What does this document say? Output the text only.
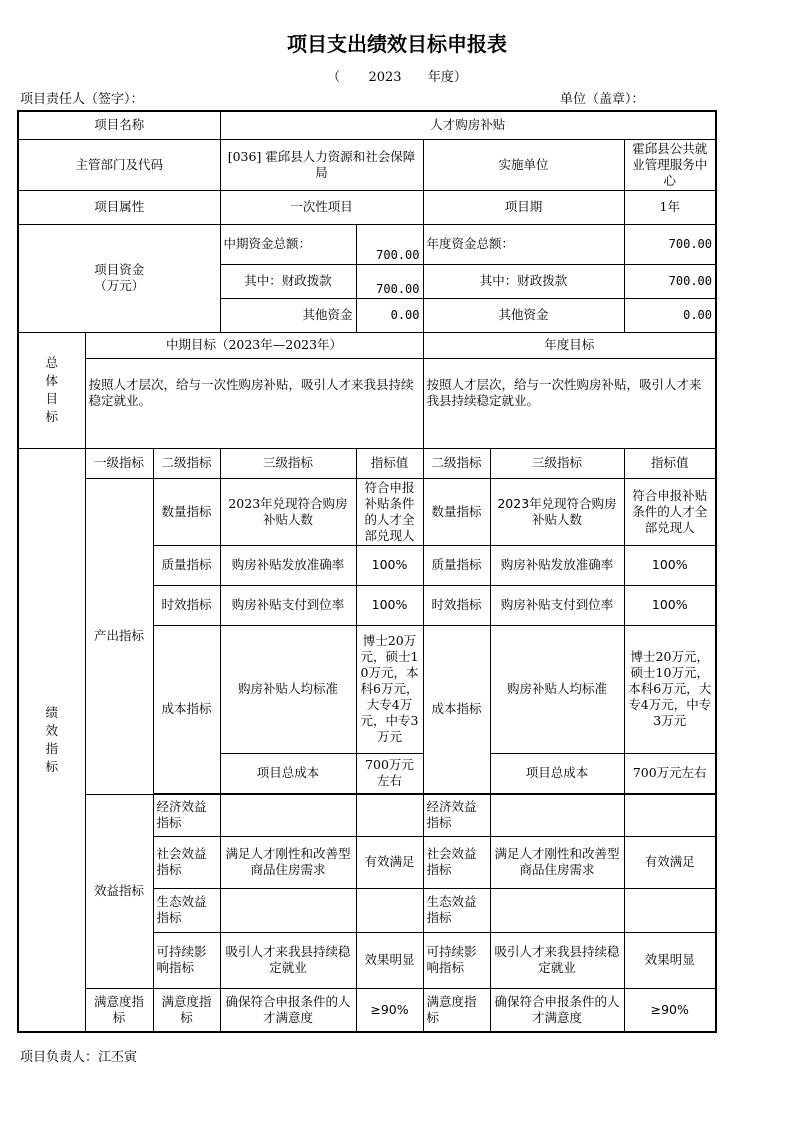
项目支出绩效目标申报表
（ 2023 年度）
项目责任人（签字）：	单位（盖章）：
项目名称			人才购房补贴				
主管部门及代码			[036] 霍邱县人力资源和社会保障局		实施单位		霍邱县公共就业管理服务中心
项目属性			一次性项目		项目期		1年
项目资金
（万元）			中期资金总额：	700.00	年度资金总额：		700.00
			其中：财政拨款	700.00	其中：财政拨款		700.00
			其他资金	0.00	其他资金		0.00
总体目标	中期目标（2023年—2023年）				年度目标		
	按照人才层次，给与一次性购房补贴，吸引人才来我县持续稳定就业。				按照人才层次，给与一次性购房补贴，吸引人才来我县持续稳定就业。		
绩效指标	一级指标	二级指标	三级指标	指标值	二级指标	三级指标	指标值
	产出指标	数量指标	2023年兑现符合购房补贴人数	符合申报补贴条件的人才全部兑现人	数量指标	2023年兑现符合购房补贴人数	符合申报补贴条件的人才全部兑现人
		质量指标	购房补贴发放准确率	100%	质量指标	购房补贴发放准确率	100%
		时效指标	购房补贴支付到位率	100%	时效指标	购房补贴支付到位率	100%
		成本指标	购房补贴人均标准	博士20万元，硕士10万元，本科6万元，大专4万元，中专3万元	成本指标	购房补贴人均标准	博士20万元，硕士10万元，本科6万元，大专4万元，中专3万元
			项目总成本	700万元左右		项目总成本	700万元左右

	效益指标	经济效益指标			经济效益指标		
		社会效益指标	满足人才刚性和改善型商品住房需求	有效满足	社会效益指标	满足人才刚性和改善型商品住房需求	有效满足
		生态效益指标			生态效益指标		
		可持续影响指标	吸引人才来我县持续稳定就业	效果明显	可持续影响指标	吸引人才来我县持续稳定就业	效果明显
	满意度指标	满意度指标	确保符合申报条件的人才满意度	≥90%	满意度指标	确保符合申报条件的人才满意度	≥90%
项目负责人：江丕寅
